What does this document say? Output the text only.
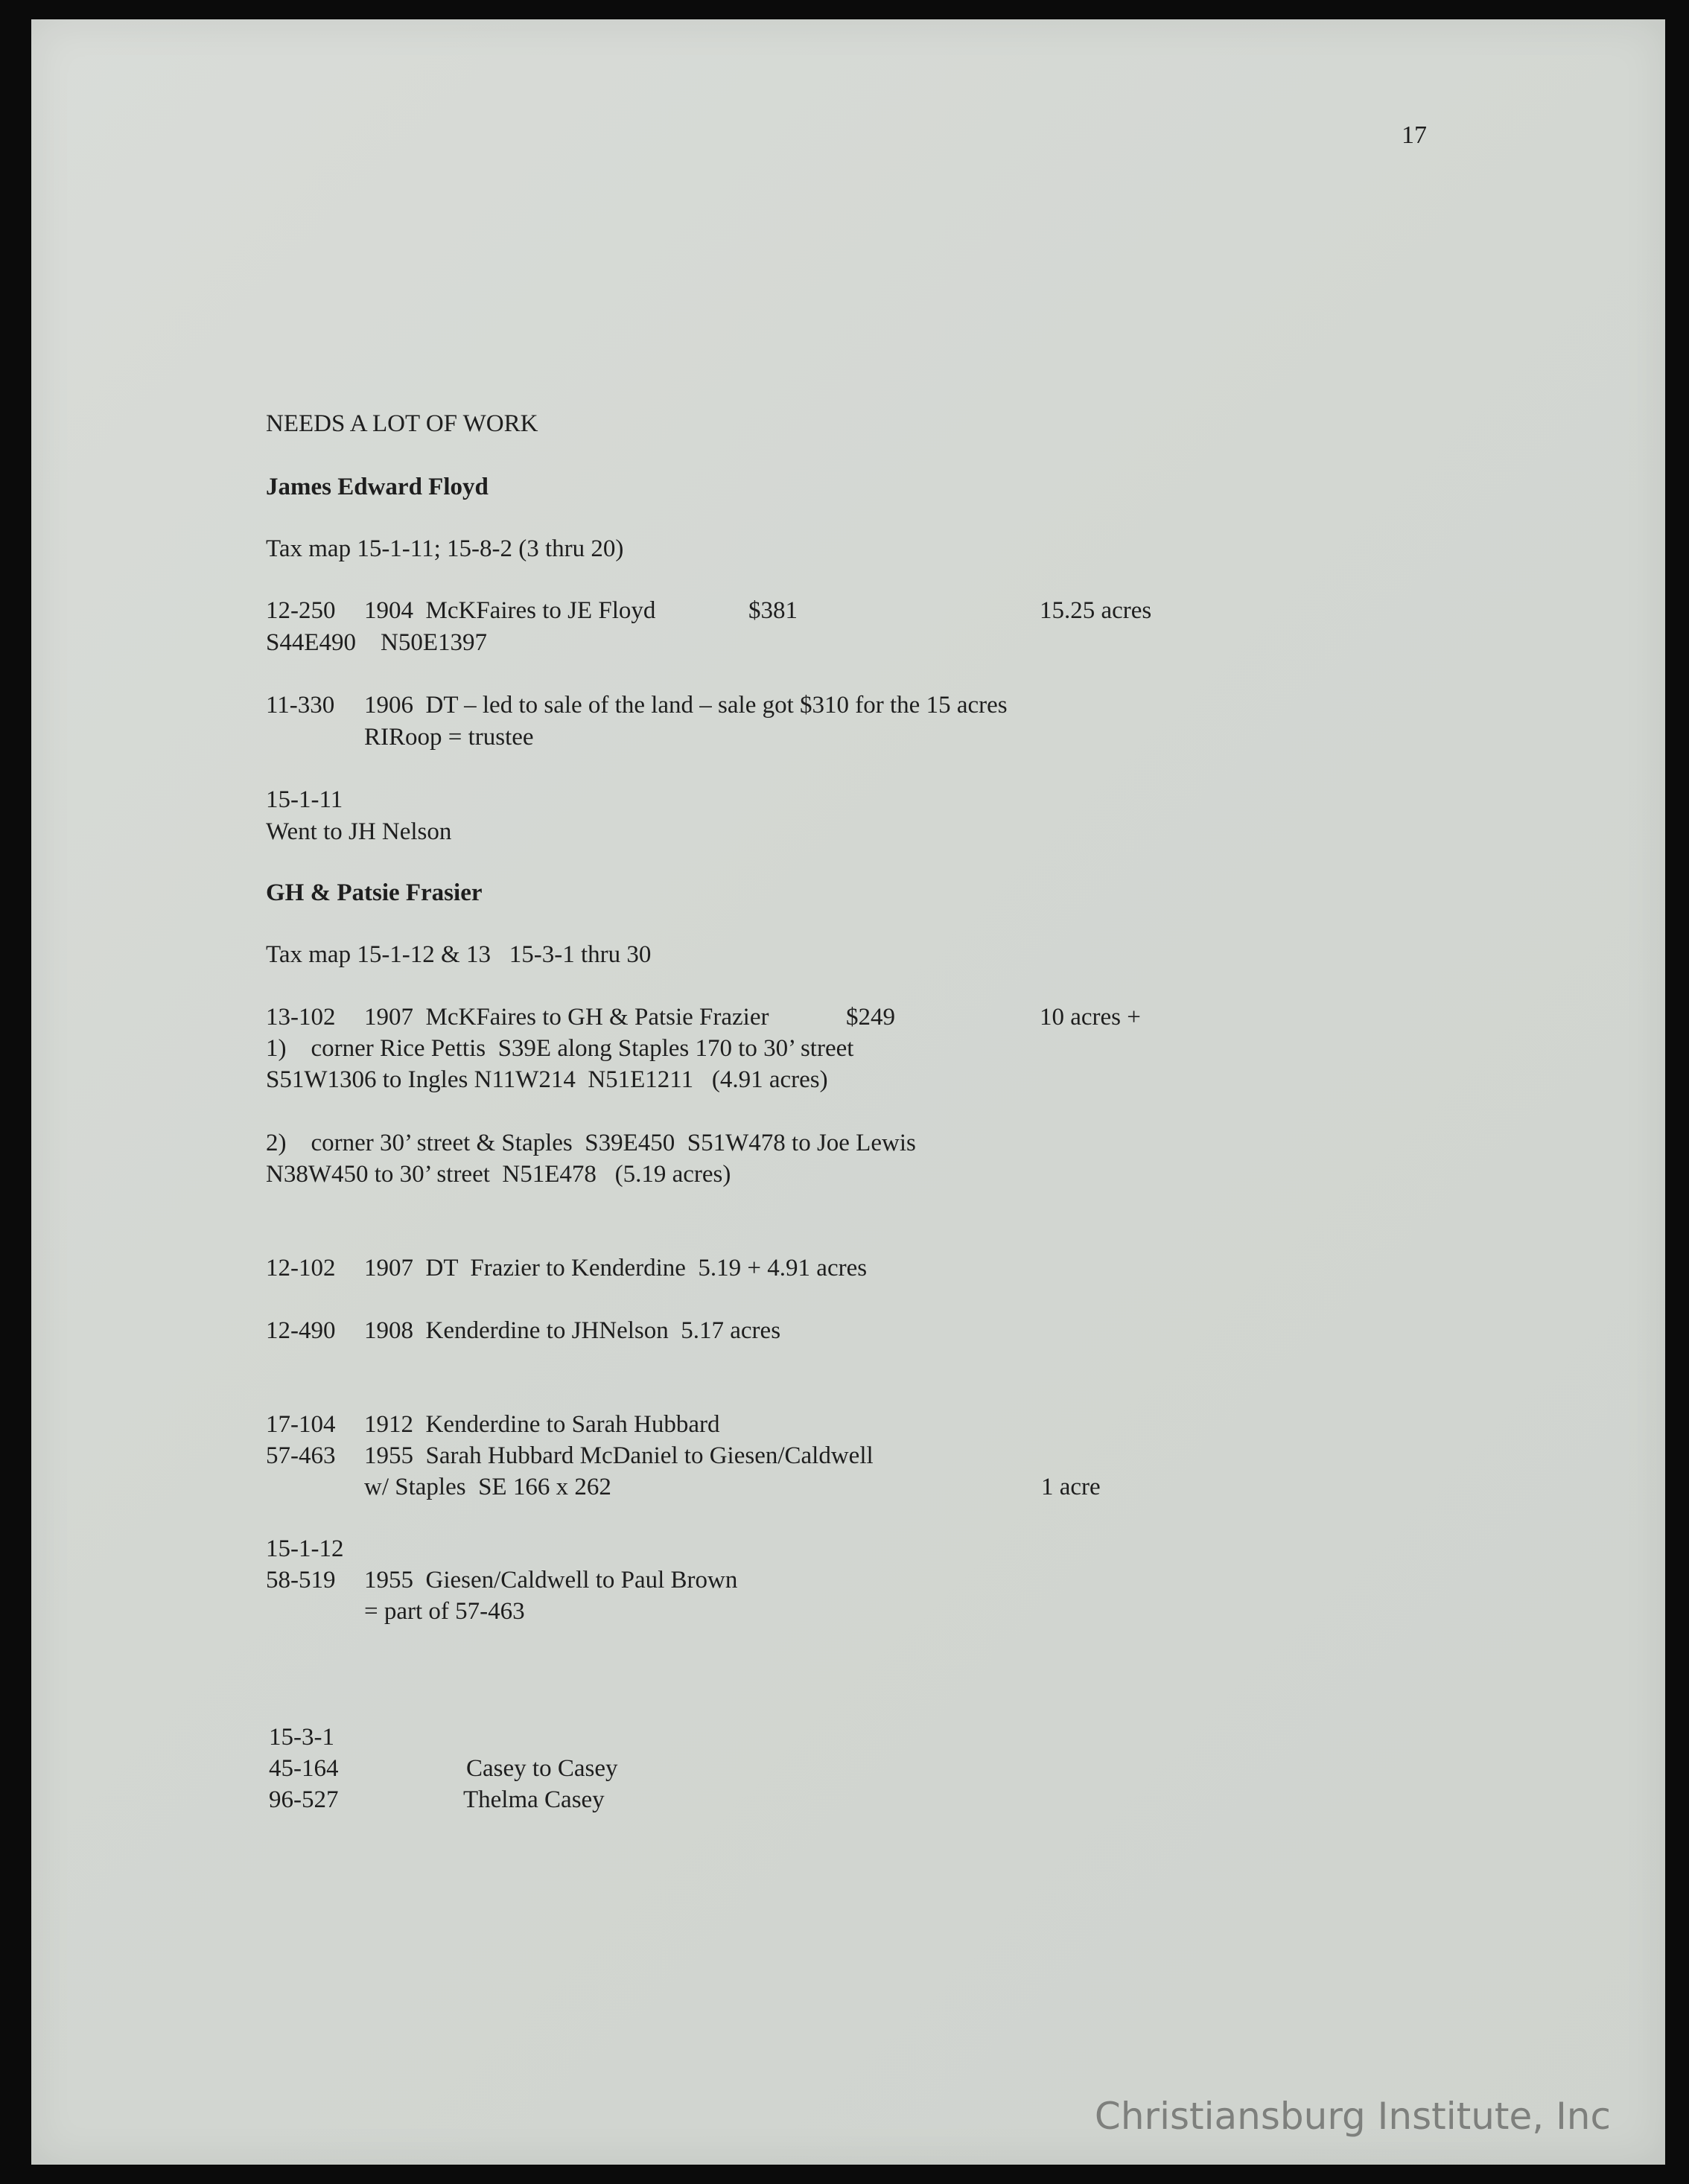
17
NEEDS A LOT OF WORK
James Edward Floyd
Tax map 15-1-11; 15-8-2 (3 thru 20)
12-250 1904  McKFaires to JE Floyd	$381	15.25 acres
S44E490    N50E1397
11-330 1906  DT – led to sale of the land – sale got $310 for the 15 acres
RIRoop = trustee
15-1-11
Went to JH Nelson
GH & Patsie Frasier
Tax map 15-1-12 & 13   15-3-1 thru 30
13-102 1907  McKFaires to GH & Patsie Frazier	$249	10 acres +
1)    corner Rice Pettis  S39E along Staples 170 to 30’ street
S51W1306 to Ingles N11W214  N51E1211   (4.91 acres)
2)    corner 30’ street & Staples  S39E450  S51W478 to Joe Lewis
N38W450 to 30’ street  N51E478   (5.19 acres)
12-102 1907  DT  Frazier to Kenderdine  5.19 + 4.91 acres
12-490 1908  Kenderdine to JHNelson  5.17 acres
17-104 1912  Kenderdine to Sarah Hubbard
57-463 1955  Sarah Hubbard McDaniel to Giesen/Caldwell
w/ Staples  SE 166 x 262	1 acre
15-1-12
58-519 1955  Giesen/Caldwell to Paul Brown
= part of 57-463
15-3-1
45-164	Casey to Casey
96-527	Thelma Casey
Christiansburg Institute, Inc
